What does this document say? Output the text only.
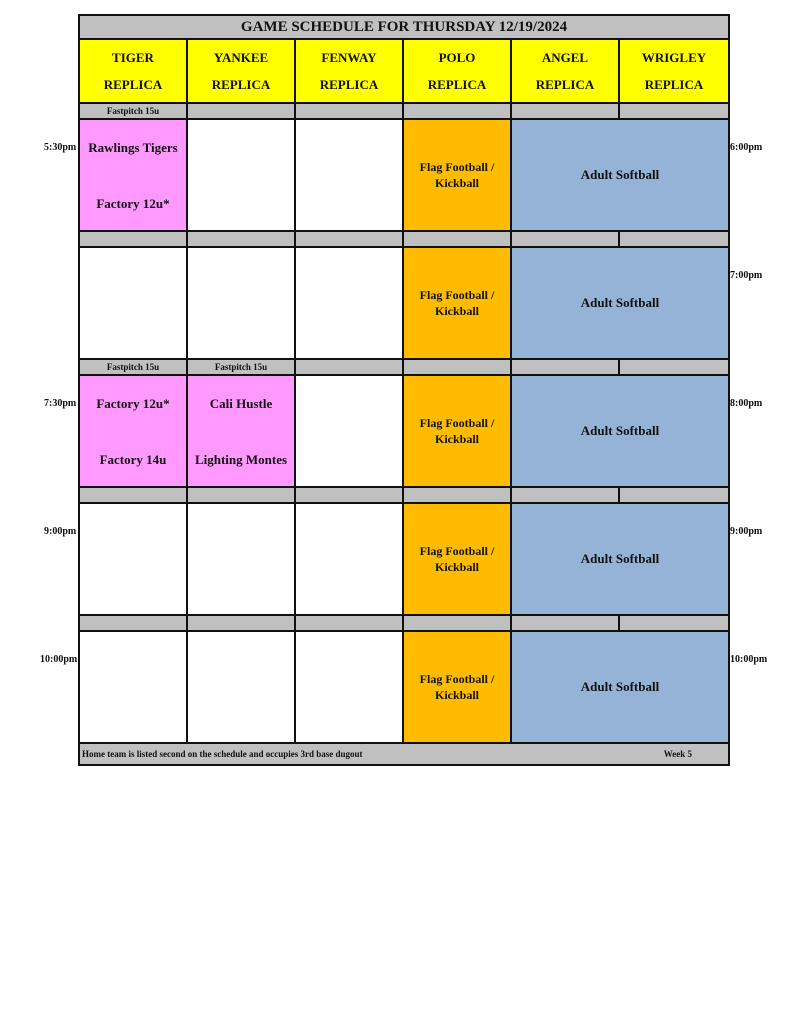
GAME SCHEDULE FOR THURSDAY 12/19/2024
TIGER
REPLICA
YANKEE
REPLICA
FENWAY
REPLICA
POLO
REPLICA
ANGEL
REPLICA
WRIGLEY
REPLICA
Fastpitch 15u
Rawlings Tigers
Factory 12u*
Flag Football / Kickball
Adult Softball
Flag Football / Kickball
Adult Softball
Fastpitch 15u	Fastpitch 15u
Factory 12u*
Factory 14u
Cali Hustle
Lighting Montes
Flag Football / Kickball
Adult Softball
Flag Football / Kickball
Adult Softball
Flag Football / Kickball
Adult Softball
Home team is listed second on the schedule and occupies 3rd base dugout	Week 5
5:30pm
7:30pm
9:00pm
10:00pm
6:00pm
7:00pm
8:00pm
9:00pm
10:00pm
